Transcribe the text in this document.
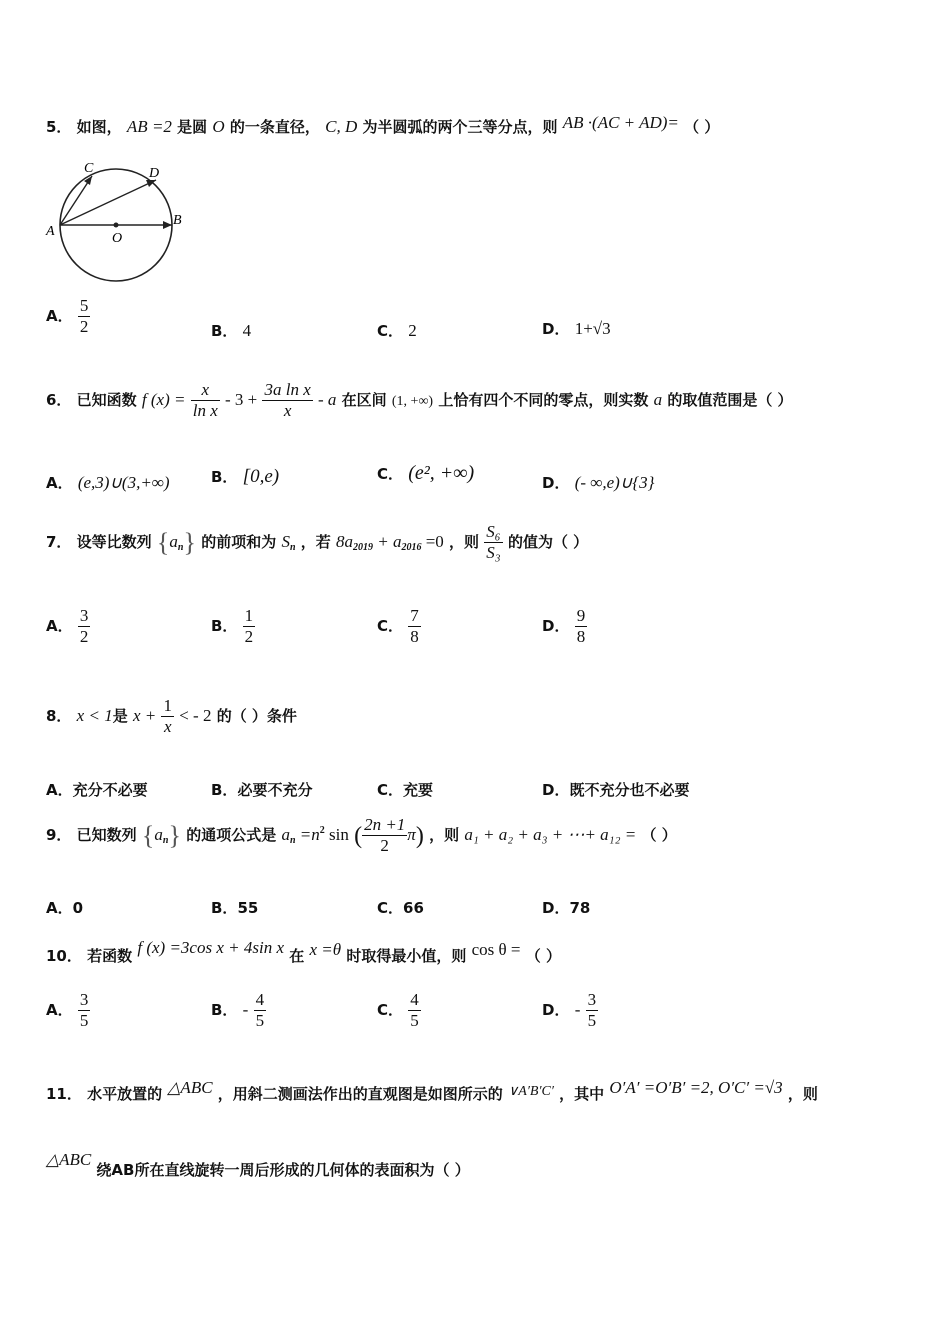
5． 如图， AB =2 是圆 O 的一条直径， C, D 为半圆弧的两个三等分点，则 AB ·(AC + AD)= （ ）
A
B
C	D
O
A． $\frac{5}{2}$	B． 4	C． 2	D． 1+√3
6． 已知函数 f $(x) = \frac{x}{\text{ln x}} - 3 + \frac{\text{3a ln x}}{x} - a$ 在区间 (1, +∞) 上恰有四个不同的零点，则实数 a 的取值范围是（ ）
A． (e,3)∪(3,+∞)	B． [0,e)	C． (e², +∞)	D． (- ∞,e)∪{3}
7． 设等比数列 $\{a_n\}$ 的前项和为 $S_n$ ，若 $8a_{2019} + a_{2016} =0$ ，则 $\frac{\text{S₆}}{\text{S₃}}$ 的值为（ ）
A． $\frac{3}{2}$	B． $\frac{1}{2}$	C． $\frac{7}{8}$	D． $\frac{9}{8}$
8． x < 1是 $x + \frac{1}{x}$ < - 2 的（ ）条件
A．充分不必要	B．必要不充分	C．充要	D．既不充分也不必要
9． 已知数列 $\{a_n\}$ 的通项公式是 $a_n =n^2$ sin ( $\frac{2n +1}{2} \pi$) ，则 a₁ + a₂ + a₃ + ⋯+ a₁₂ = （ ）
A．0	B．55	C．66	D．78
10． 若函数 f (x) =3cos x + 4sin x 在 x =θ 时取得最小值，则 cos θ = （ ）
A． $\frac{3}{5}$	B． - $\frac{4}{5}$	C． $\frac{4}{5}$	D． - $\frac{3}{5}$
11． 水平放置的 △ABC ，用斜二测画法作出的直观图是如图所示的 ∨A′B′C′ ，其中 O′A′ =O′B′ =2, O′C′ =√3 ，则
△ABC 绕AB所在直线旋转一周后形成的几何体的表面积为（ ）
